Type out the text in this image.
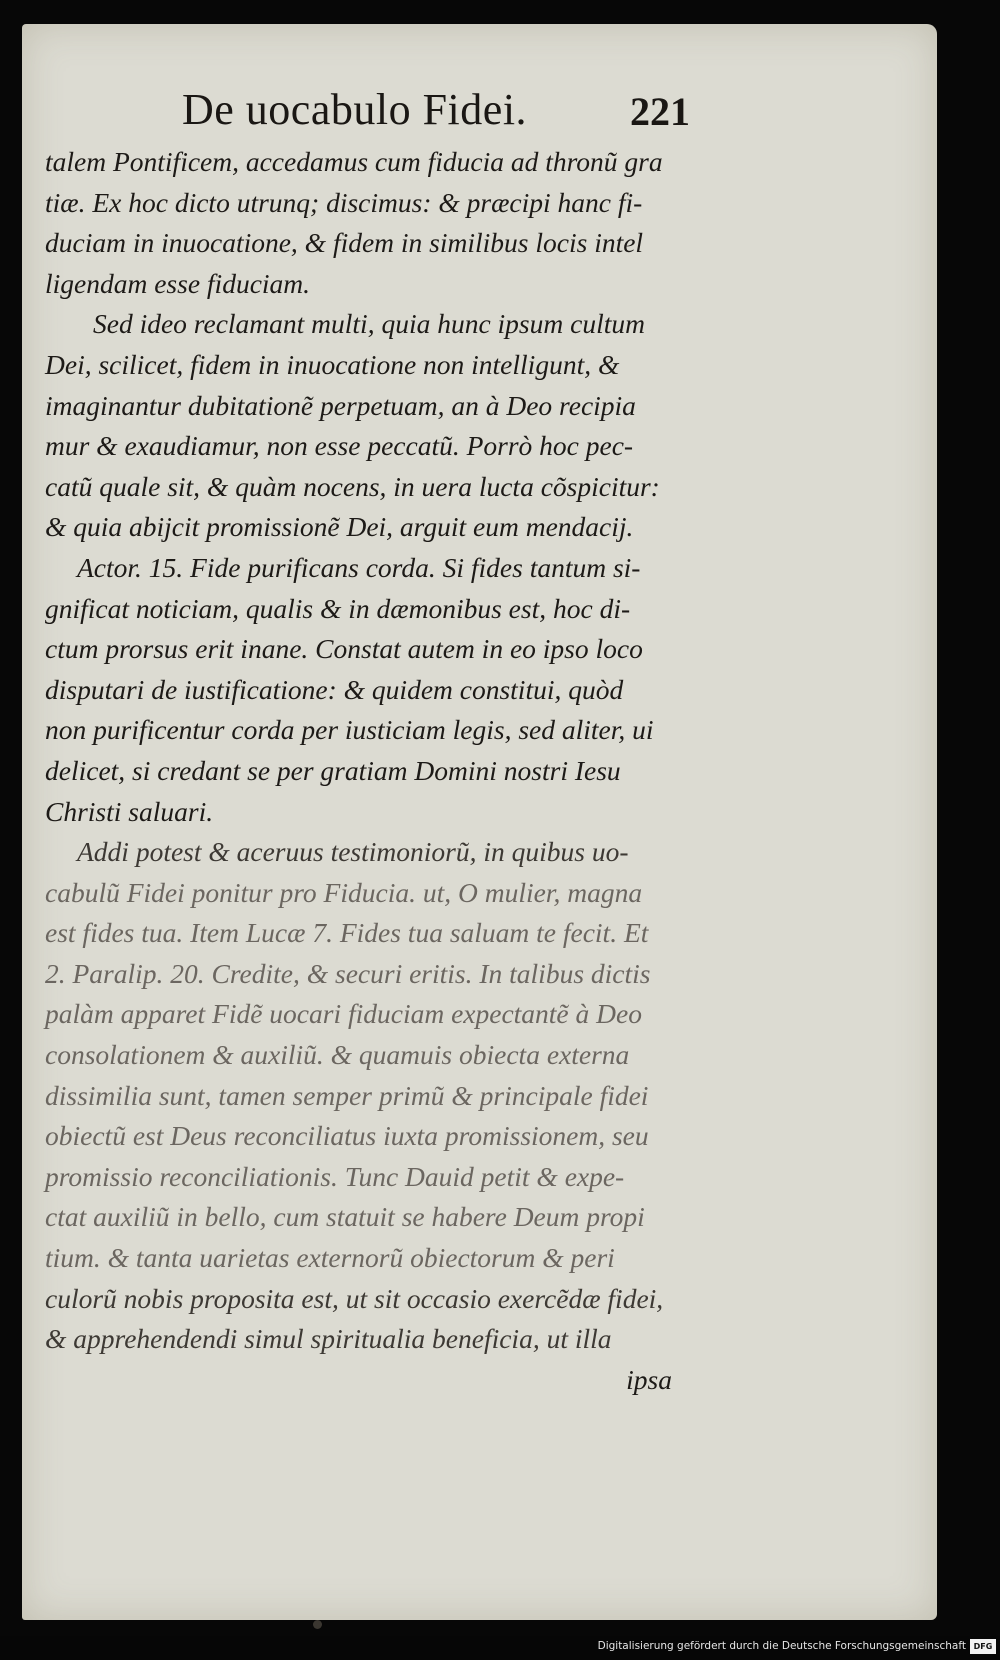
De uocabulo Fidei.	221
talem Pontificem, accedamus cum fiducia ad thronũ gra
tiæ. Ex hoc dicto utrunq; discimus: & præcipi hanc fi-
duciam in inuocatione, & fidem in similibus locis intel
ligendam esse fiduciam.
Sed ideo reclamant multi, quia hunc ipsum cultum
Dei, scilicet, fidem in inuocatione non intelligunt, &
imaginantur dubitationẽ perpetuam, an à Deo recipia
mur & exaudiamur, non esse peccatũ. Porrò hoc pec-
catũ quale sit, & quàm nocens, in uera lucta cõspicitur:
& quia abijcit promissionẽ Dei, arguit eum mendacij.
Actor. 15. Fide purificans corda. Si fides tantum si-
gnificat noticiam, qualis & in dæmonibus est, hoc di-
ctum prorsus erit inane. Constat autem in eo ipso loco
disputari de iustificatione: & quidem constitui, quòd
non purificentur corda per iusticiam legis, sed aliter, ui
delicet, si credant se per gratiam Domini nostri Iesu
Christi saluari.
Addi potest & aceruus testimoniorũ, in quibus uo-
cabulũ Fidei ponitur pro Fiducia. ut, O mulier, magna
est fides tua. Item Lucæ 7. Fides tua saluam te fecit. Et
2. Paralip. 20. Credite, & securi eritis. In talibus dictis
palàm apparet Fidẽ uocari fiduciam expectantẽ à Deo
consolationem & auxiliũ. & quamuis obiecta externa
dissimilia sunt, tamen semper primũ & principale fidei
obiectũ est Deus reconciliatus iuxta promissionem, seu
promissio reconciliationis. Tunc Dauid petit & expe-
ctat auxiliũ in bello, cum statuit se habere Deum propi
tium. & tanta uarietas externorũ obiectorum & peri
culorũ nobis proposita est, ut sit occasio exercẽdæ fidei,
& apprehendendi simul spiritualia beneficia, ut illa
ipsa
Digitalisierung gefördert durch die Deutsche Forschungsgemeinschaft DFG
